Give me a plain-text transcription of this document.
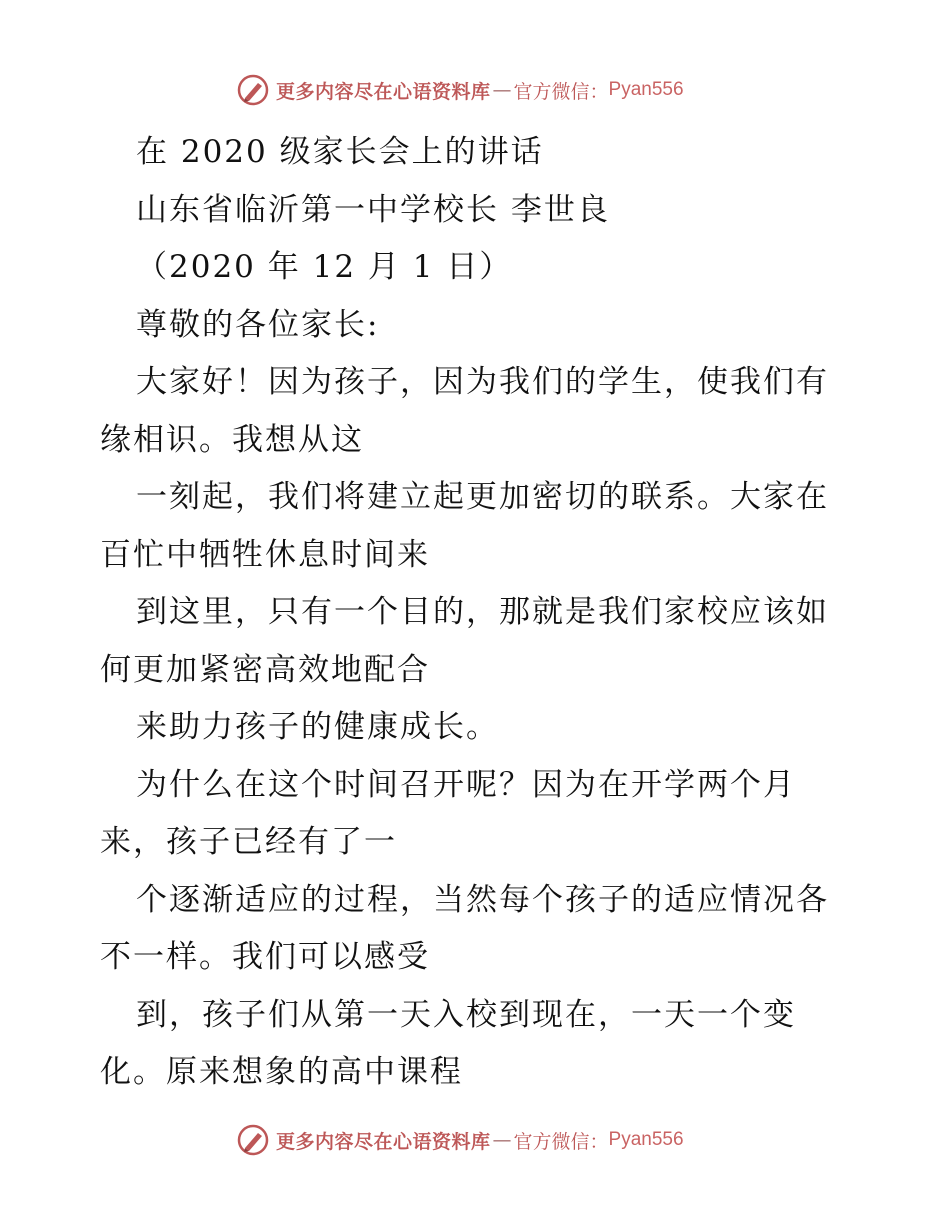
更多内容尽在心语资料库 — 官方微信： Pyan556
在 2020 级家长会上的讲话
山东省临沂第一中学校长 李世良
（2020 年 12 月 1 日）
尊敬的各位家长:
大家好！因为孩子，因为我们的学生，使我们有
缘相识。我想从这
一刻起，我们将建立起更加密切的联系。大家在
百忙中牺牲休息时间来
到这里，只有一个目的，那就是我们家校应该如
何更加紧密高效地配合
来助力孩子的健康成长。
为什么在这个时间召开呢？因为在开学两个月
来，孩子已经有了一
个逐渐适应的过程，当然每个孩子的适应情况各
不一样。我们可以感受
到，孩子们从第一天入校到现在，一天一个变
化。原来想象的高中课程
更多内容尽在心语资料库 — 官方微信： Pyan556
